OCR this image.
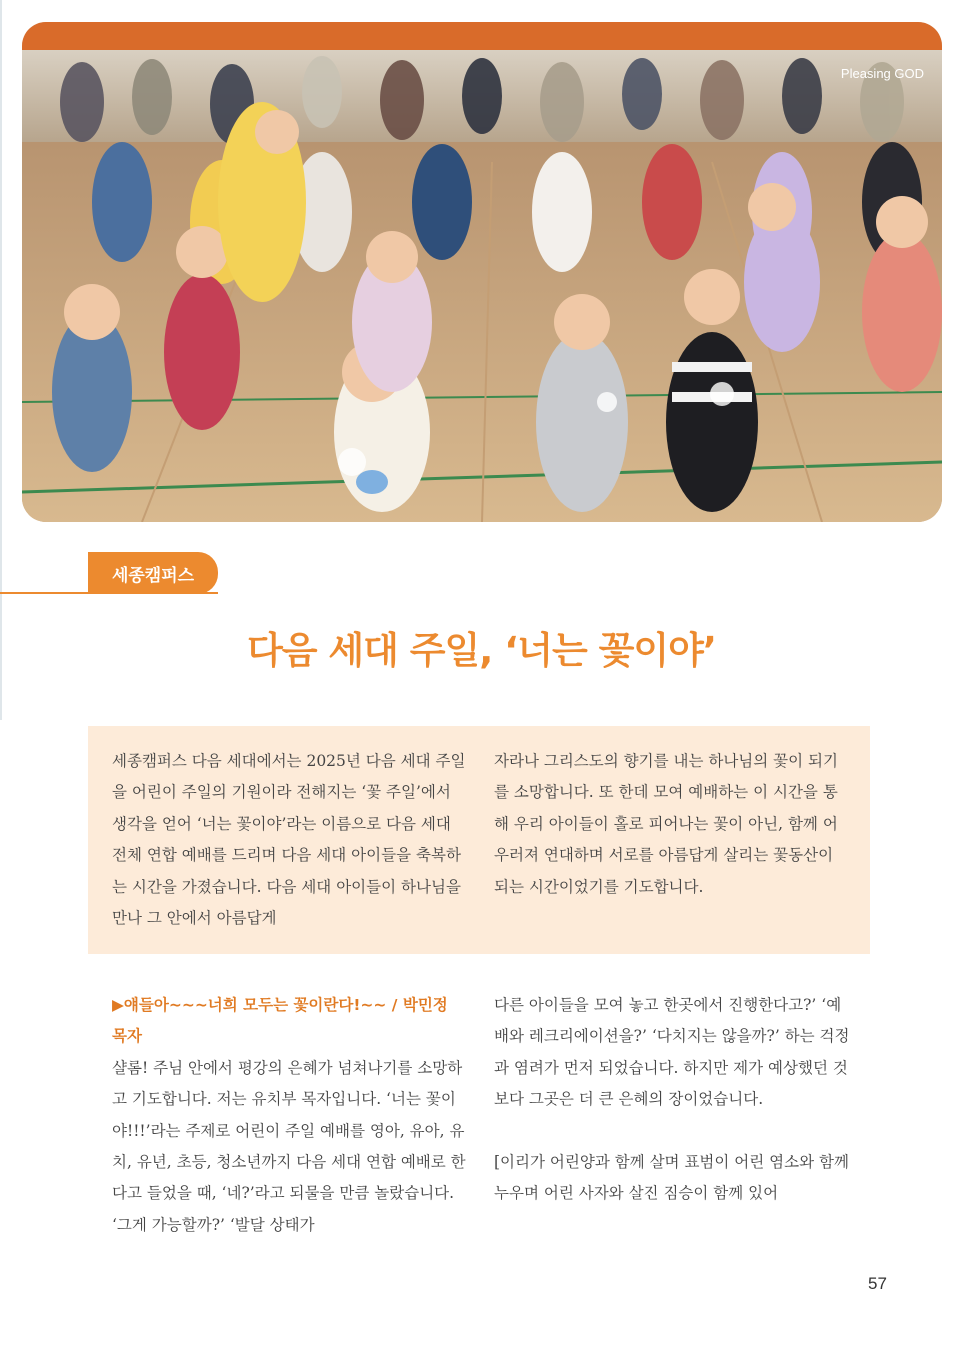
Pleasing GOD
세종캠퍼스
다음 세대 주일, ‘너는 꽃이야’
세종캠퍼스 다음 세대에서는 2025년 다음 세대 주일을 어린이 주일의 기원이라 전해지는 ‘꽃 주일’에서 생각을 얻어 ‘너는 꽃이야’라는 이름으로 다음 세대 전체 연합 예배를 드리며 다음 세대 아이들을 축복하는 시간을 가졌습니다. 다음 세대 아이들이 하나님을 만나 그 안에서 아름답게
자라나 그리스도의 향기를 내는 하나님의 꽃이 되기를 소망합니다. 또 한데 모여 예배하는 이 시간을 통해 우리 아이들이 홀로 피어나는 꽃이 아닌, 함께 어우러져 연대하며 서로를 아름답게 살리는 꽃동산이 되는 시간이었기를 기도합니다.
▶얘들아~~~너희 모두는 꽃이란다!~~ / 박민정 목자
샬롬! 주님 안에서 평강의 은혜가 넘쳐나기를 소망하고 기도합니다. 저는 유치부 목자입니다. ‘너는 꽃이야!!!’라는 주제로 어린이 주일 예배를 영아, 유아, 유치, 유년, 초등, 청소년까지 다음 세대 연합 예배로 한다고 들었을 때, ‘네?’라고 되물을 만큼 놀랐습니다. ‘그게 가능할까?’ ‘발달 상태가
다른 아이들을 모여 놓고 한곳에서 진행한다고?’ ‘예배와 레크리에이션을?’ ‘다치지는 않을까?’ 하는 걱정과 염려가 먼저 되었습니다. 하지만 제가 예상했던 것보다 그곳은 더 큰 은혜의 장이었습니다.
[이리가 어린양과 함께 살며 표범이 어린 염소와 함께 누우며 어린 사자와 살진 짐승이 함께 있어
57
